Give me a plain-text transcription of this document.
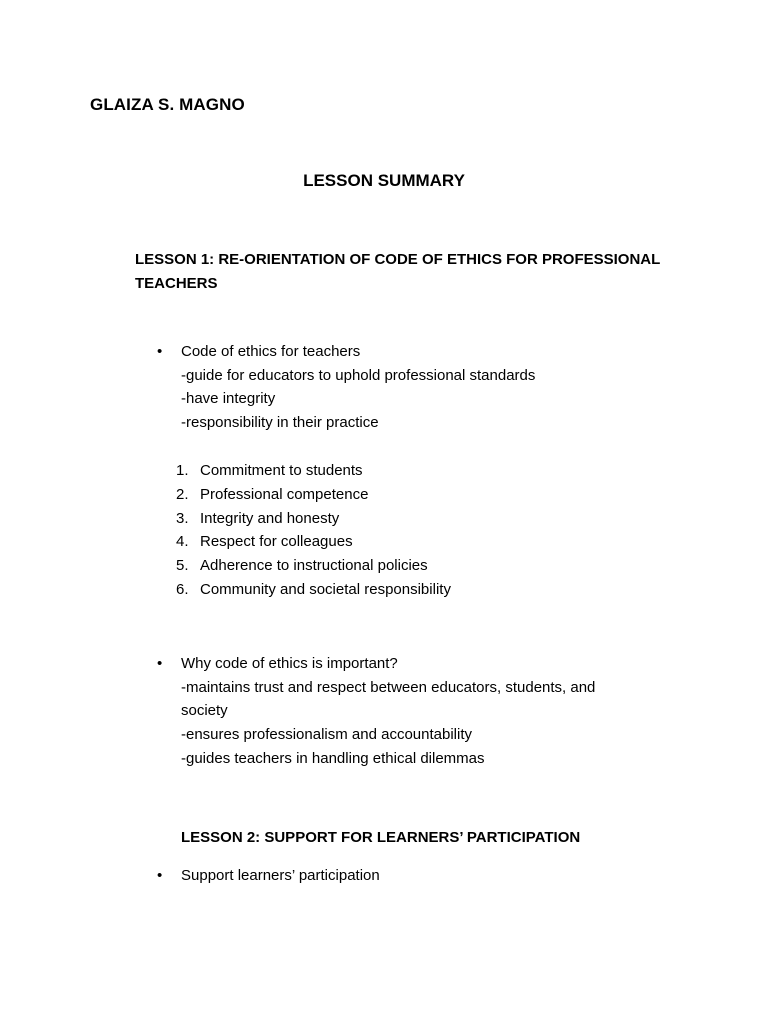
GLAIZA S. MAGNO
LESSON SUMMARY
LESSON 1: RE-ORIENTATION OF CODE OF ETHICS FOR PROFESSIONAL
TEACHERS
•	Code of ethics for teachers
-guide for educators to uphold professional standards
-have integrity
-responsibility in their practice
1. Commitment to students
2. Professional competence
3. Integrity and honesty
4. Respect for colleagues
5. Adherence to instructional policies
6. Community and societal responsibility
•	Why code of ethics is important?
-maintains trust and respect between educators, students, and
society
-ensures professionalism and accountability
-guides teachers in handling ethical dilemmas
LESSON 2: SUPPORT FOR LEARNERS’ PARTICIPATION
•	Support learners’ participation
